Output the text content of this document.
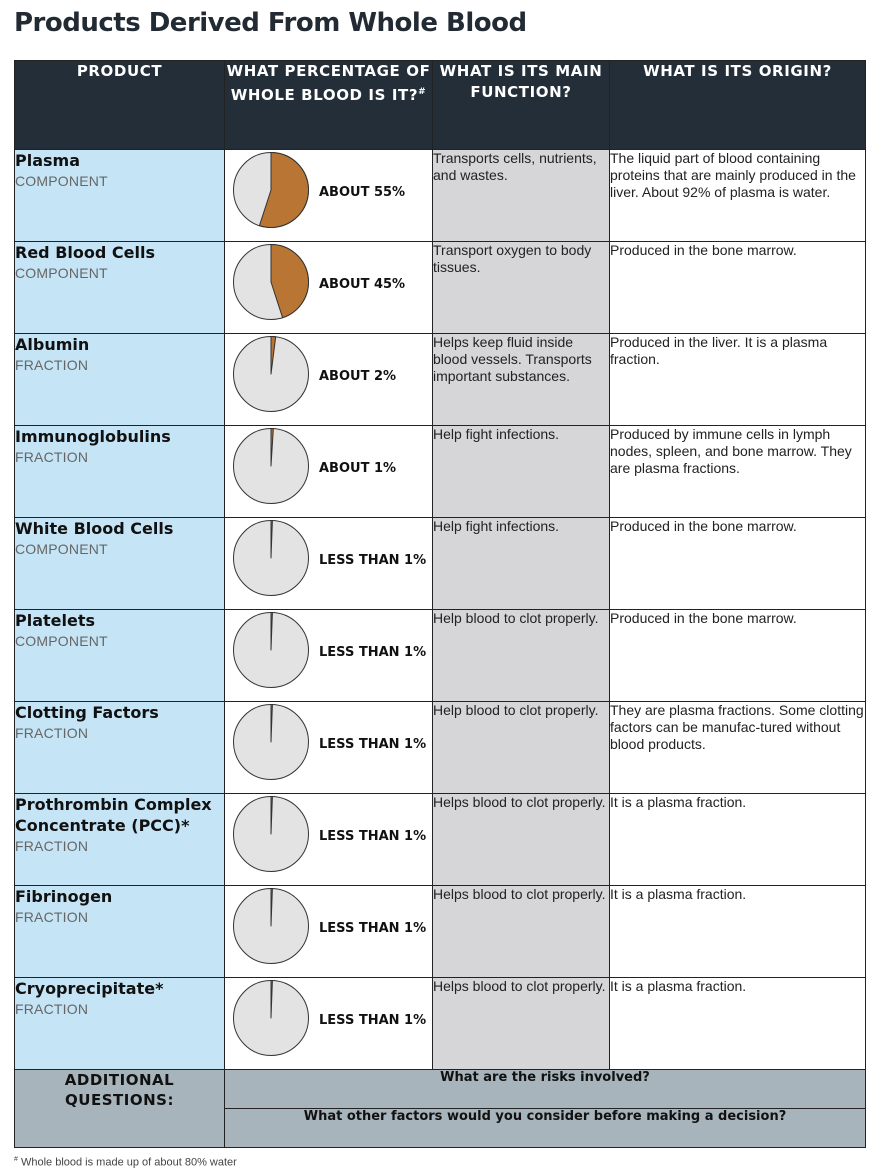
Products Derived From Whole Blood
PRODUCT	WHAT PERCENTAGE OF WHOLE BLOOD IS IT?#	WHAT IS ITS MAIN FUNCTION?	WHAT IS ITS ORIGIN?

Plasma
COMPONENT	ABOUT 55%	Transports cells, nutrients, and wastes.	The liquid part of blood containing proteins that are mainly produced in the liver. About 92% of plasma is water.

Red Blood Cells
COMPONENT	ABOUT 45%	Transport oxygen to body tissues.	Produced in the bone marrow.

Albumin
FRACTION	ABOUT 2%	Helps keep fluid inside blood vessels. Transports important substances.	Produced in the liver. It is a plasma fraction.

Immunoglobulins
FRACTION	ABOUT 1%	Help fight infections.	Produced by immune cells in lymph nodes, spleen, and bone marrow. They are plasma fractions.

White Blood Cells
COMPONENT	LESS THAN 1%	Help fight infections.	Produced in the bone marrow.

Platelets
COMPONENT	LESS THAN 1%	Help blood to clot properly.	Produced in the bone marrow.

Clotting Factors
FRACTION	LESS THAN 1%	Help blood to clot properly.	They are plasma fractions. Some clotting factors can be manufac-tured without blood products.

Prothrombin Complex Concentrate (PCC)*
FRACTION	LESS THAN 1%	Helps blood to clot properly.	It is a plasma fraction.

Fibrinogen
FRACTION	LESS THAN 1%	Helps blood to clot properly.	It is a plasma fraction.

Cryoprecipitate*
FRACTION	LESS THAN 1%	Helps blood to clot properly.	It is a plasma fraction.
ADDITIONAL QUESTIONS:	What are the risks involved?		
	What other factors would you consider before making a decision?		
# Whole blood is made up of about 80% water
